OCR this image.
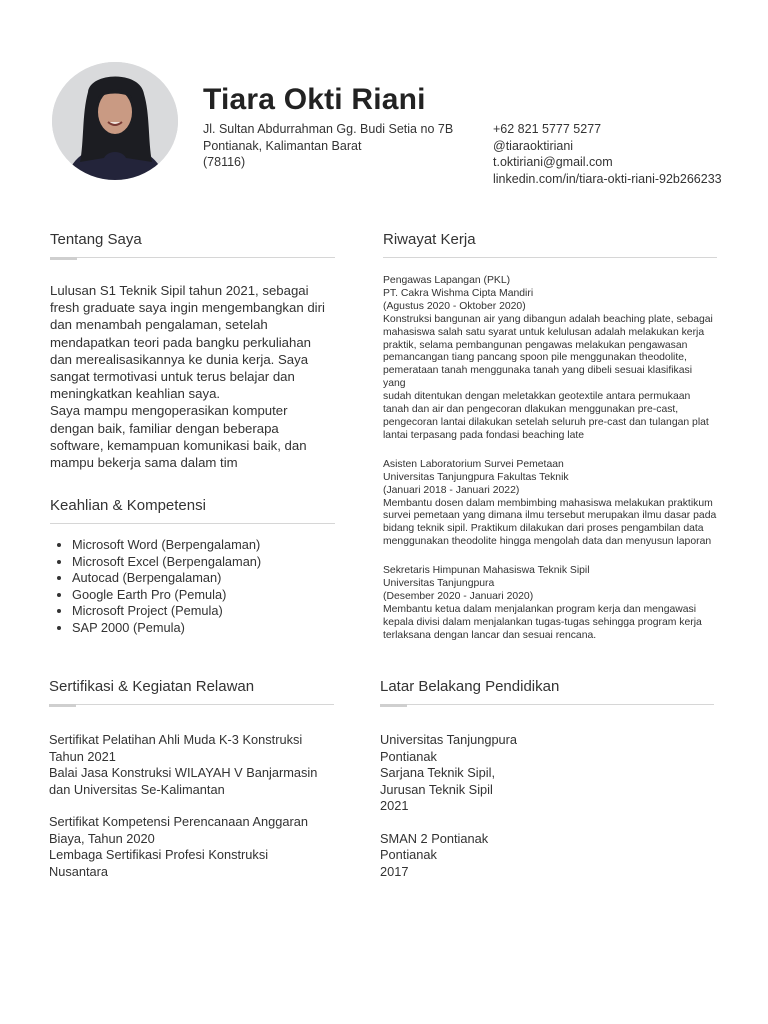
Tiara Okti Riani
Jl. Sultan Abdurrahman Gg. Budi Setia no 7B
Pontianak, Kalimantan Barat
(78116)
+62 821 5777 5277
@tiaraoktiriani
t.oktiriani@gmail.com
linkedin.com/in/tiara-okti-riani-92b266233
Tentang Saya
Lulusan S1 Teknik Sipil tahun 2021, sebagai
fresh graduate saya ingin mengembangkan diri
dan menambah pengalaman, setelah
mendapatkan teori pada bangku perkuliahan
dan merealisasikannya ke dunia kerja. Saya
sangat termotivasi untuk terus belajar dan
meningkatkan keahlian saya.
Saya mampu mengoperasikan komputer
dengan baik, familiar dengan beberapa
software, kemampuan komunikasi baik, dan
mampu bekerja sama dalam tim
Keahlian & Kompetensi
• Microsoft Word (Berpengalaman)
• Microsoft Excel (Berpengalaman)
• Autocad (Berpengalaman)
• Google Earth Pro (Pemula)
• Microsoft Project (Pemula)
• SAP 2000 (Pemula)
Riwayat Kerja
Pengawas Lapangan (PKL)
PT. Cakra Wishma Cipta Mandiri
(Agustus 2020 - Oktober 2020)
Konstruksi bangunan air yang dibangun adalah beaching plate, sebagai
mahasiswa salah satu syarat untuk kelulusan adalah melakukan kerja
praktik, selama pembangunan pengawas melakukan pengawasan
pemancangan tiang pancang spoon pile menggunakan theodolite,
pemerataan tanah menggunaka tanah yang dibeli sesuai klasifikasi yang
sudah ditentukan dengan meletakkan geotextile antara permukaan
tanah dan air dan pengecoran dlakukan menggunakan pre-cast,
pengecoran lantai dilakukan setelah seluruh pre-cast dan tulangan plat
lantai terpasang pada fondasi beaching late
Asisten Laboratorium Survei Pemetaan
Universitas Tanjungpura Fakultas Teknik
(Januari 2018 - Januari 2022)
Membantu dosen dalam membimbing mahasiswa melakukan praktikum
survei pemetaan yang dimana ilmu tersebut merupakan ilmu dasar pada
bidang teknik sipil. Praktikum dilakukan dari proses pengambilan data
menggunakan theodolite hingga mengolah data dan menyusun laporan
Sekretaris Himpunan Mahasiswa Teknik Sipil
Universitas Tanjungpura
(Desember 2020 - Januari 2020)
Membantu ketua dalam menjalankan program kerja dan mengawasi
kepala divisi dalam menjalankan tugas-tugas sehingga program kerja
terlaksana dengan lancar dan sesuai rencana.
Sertifikasi & Kegiatan Relawan
Sertifikat Pelatihan Ahli Muda K-3 Konstruksi
Tahun 2021
Balai Jasa Konstruksi WILAYAH V Banjarmasin
dan Universitas Se-Kalimantan
Sertifikat Kompetensi Perencanaan Anggaran
Biaya, Tahun 2020
Lembaga Sertifikasi Profesi Konstruksi
Nusantara
Latar Belakang Pendidikan
Universitas Tanjungpura
Pontianak
Sarjana Teknik Sipil,
Jurusan Teknik Sipil
2021
SMAN 2 Pontianak
Pontianak
2017
